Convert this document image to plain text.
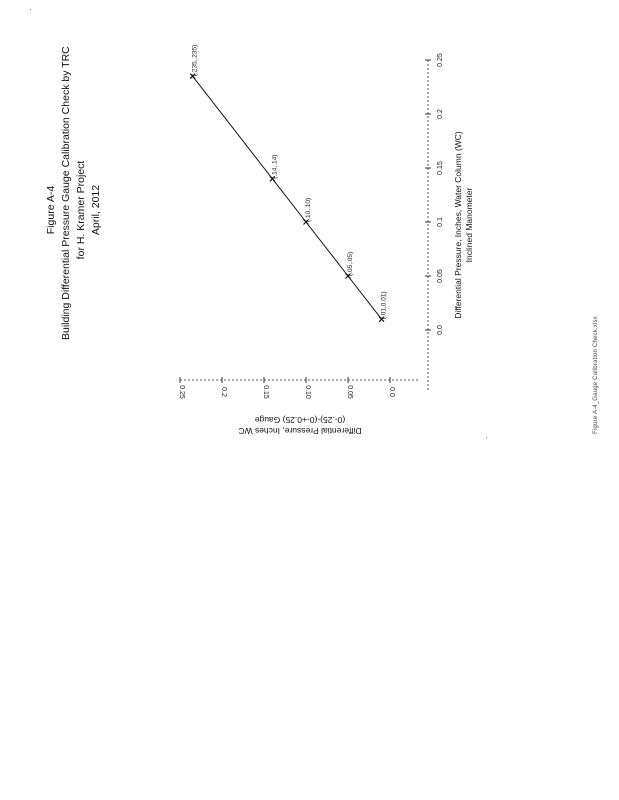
Figure A-4 Building Differential Pressure Gauge Calibration Check by TRC for H. Kramer Project April, 2012
0.0
0.05
0.1
0.15
0.2
0.25
0.0
0.05
0.10
0.15
0.2
0.25
(.01,0.01)
(.05,.05)
(.10,.10)
(.14,.14)
(.235,.235)
Differential Pressure, Inches, Water Column (WC) Inclined Manometer
Differential Pressure, Inches WC
(0-.25)-(0-+0.25) Gauge	Figure A-4_Gauge Calibration Check.xlsx
